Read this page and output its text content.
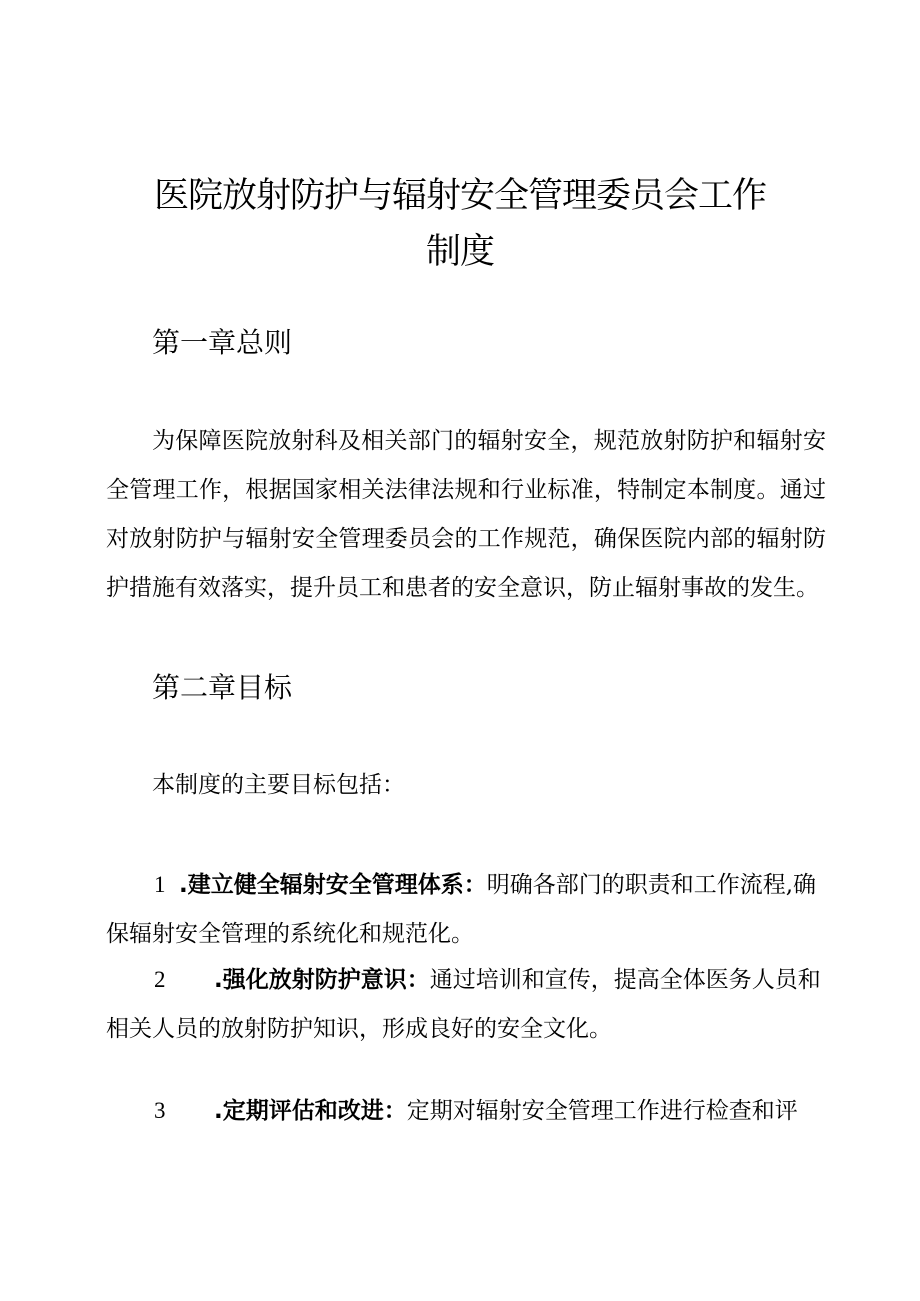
医院放射防护与辐射安全管理委员会工作
制度
第一章总则

为保障医院放射科及相关部门的辐射安全，规范放射防护和辐射安全管理工作，根据国家相关法律法规和行业标准，特制定本制度。通过对放射防护与辐射安全管理委员会的工作规范，确保医院内部的辐射防护措施有效落实，提升员工和患者的安全意识，防止辐射事故的发生。

第二章目标

本制度的主要目标包括：

1 .建立健全辐射安全管理体系：明确各部门的职责和工作流程,确保辐射安全管理的系统化和规范化。

2 .强化放射防护意识：通过培训和宣传，提高全体医务人员和相关人员的放射防护知识，形成良好的安全文化。

3 .定期评估和改进：定期对辐射安全管理工作进行检查和评
